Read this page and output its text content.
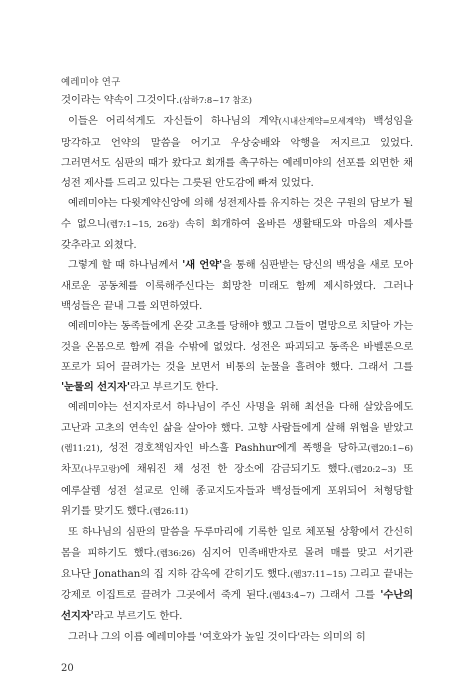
예레미야 연구

것이라는 약속이 그것이다.(삼하7:8~17 참조)

이들은 어리석게도 자신들이 하나님의 계약(시내산계약=모세계약) 백성임을 망각하고 언약의 말씀을 어기고 우상숭배와 악행을 저지르고 있었다. 그러면서도 심판의 때가 왔다고 회개를 촉구하는 예레미야의 선포를 외면한 채 성전 제사를 드리고 있다는 그릇된 안도감에 빠져 있었다.

예레미야는 다윗계약신앙에 의해 성전제사를 유지하는 것은 구원의 담보가 될 수 없으니(렘7:1~15, 26장) 속히 회개하여 올바른 생활태도와 마음의 제사를 갖추라고 외쳤다.

그렇게 할 때 하나님께서 '새 언약'을 통해 심판받는 당신의 백성을 새로 모아 새로운 공동체를 이룩해주신다는 희망찬 미래도 함께 제시하였다. 그러나 백성들은 끝내 그를 외면하였다.

예레미야는 동족들에게 온갖 고초를 당해야 했고 그들이 멸망으로 치달아 가는 것을 온몸으로 함께 겪을 수밖에 없었다. 성전은 파괴되고 동족은 바벨론으로 포로가 되어 끌려가는 것을 보면서 비통의 눈물을 흘려야 했다. 그래서 그를 '눈물의 선지자'라고 부르기도 한다.

예레미야는 선지자로서 하나님이 주신 사명을 위해 최선을 다해 살았음에도 고난과 고초의 연속인 삶을 살아야 했다. 고향 사람들에게 살해 위협을 받았고(렘11:21), 성전 경호책임자인 바스훌 Pashhur에게 폭행을 당하고(렘20:1~6) 차꼬(나무고랑)에 채워진 채 성전 한 장소에 감금되기도 했다.(렘20:2~3) 또 예루살렘 성전 설교로 인해 종교지도자들과 백성들에게 포위되어 처형당할 위기를 맞기도 했다.(렘26:11)

또 하나님의 심판의 말씀을 두루마리에 기록한 일로 체포될 상황에서 간신히 몸을 피하기도 했다.(렘36:26) 심지어 민족배반자로 몰려 매를 맞고 서기관 요나단 Jonathan의 집 지하 감옥에 갇히기도 했다.(렘37:11~15) 그리고 끝내는 강제로 이집트로 끌려가 그곳에서 죽게 된다.(렘43:4~7) 그래서 그를 '수난의 선지자'라고 부르기도 한다.

그러나 그의 이름 예레미야를 '여호와가 높일 것이다'라는 의미의 히

20
